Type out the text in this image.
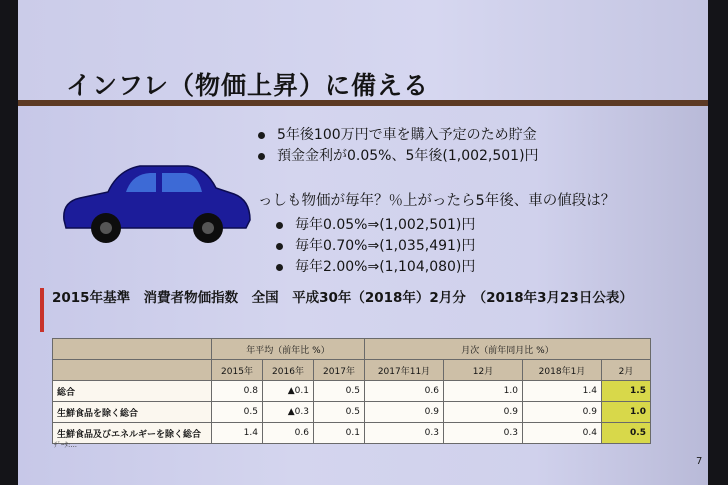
インフレ（物価上昇）に備える
5年後100万円で車を購入予定のため貯金
預金金利が0.05%、5年後(1,002,501)円
っしも物価が毎年？％上がったら5年後、車の値段は？
毎年0.05%⇒(1,002,501)円
毎年0.70%⇒(1,035,491)円
毎年2.00%⇒(1,104,080)円
2015年基準　消費者物価指数　全国　平成30年（2018年）2月分　（2018年3月23日公表）
	年平均（前年比 %）			月次（前年同月比 %）			
	2015年	2016年	2017年	2017年11月	12月	2018年1月	2月
総合	0.8	▲0.1	0.5	0.6	1.0	1.4	1.5
生鮮食品を除く総合	0.5	▲0.3	0.5	0.9	0.9	0.9	1.0
生鮮食品及びエネルギーを除く総合	1.4	0.6	0.1	0.3	0.3	0.4	0.5
ﾃﾞｰﾀ:...
7
